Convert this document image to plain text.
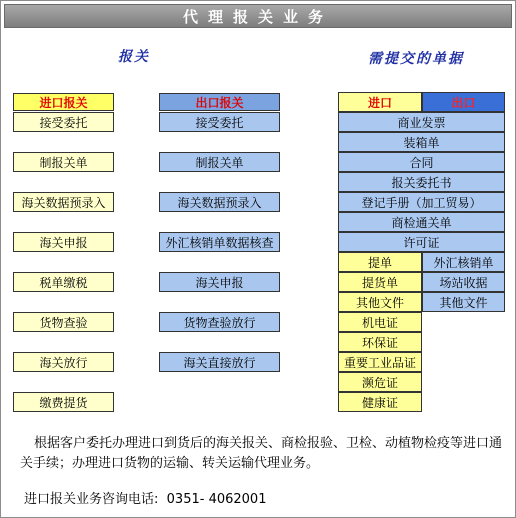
代理报关业务
报关	需提交的单据
进口报关
接受委托
制报关单
海关数据预录入
海关申报
税单缴税
货物查验
海关放行
缴费提货
出口报关
接受委托
制报关单
海关数据预录入
外汇核销单数据核查
海关申报
货物查验放行
海关直接放行
进口	出口
商业发票
装箱单
合同
报关委托书
登记手册（加工贸易）
商检通关单
许可证
提单
提货单
其他文件
机电证
环保证
重要工业品证
濒危证
健康证
外汇核销单
场站收据
其他文件
根据客户委托办理进口到货后的海关报关、商检报验、卫检、动植物检疫等进口通关手续；办理进口货物的运输、转关运输代理业务。
进口报关业务咨询电话: 0351- 4062001
